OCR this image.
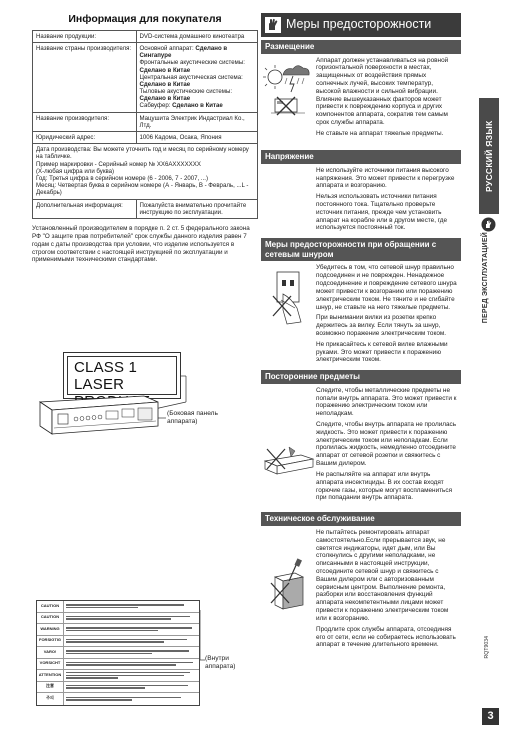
Информация для покупателя
Название продукции:	DVD-система домашнего кинотеатра
Название страны производителя:	Основной аппарат: Сделано в Сингапуре
Фронтальные акустические системы: Сделано в Китае
Центральная акустическая система: Сделано в Китае
Тыловые акустические системы: Сделано в Китае
Сабвуфер: Сделано в Китае
Название производителя:	Мацушита Электрик Индастриал Ко., Лтд.
Юридический адрес:	1006 Кадома, Осака, Япония
Дата производства: Вы можете уточнить год и месяц по серийному номеру на табличке.
Пример маркировки - Серийный номер № XX6AXXXXXXX
(Х-любая цифра или буква)
Год: Третья цифра в серийном номере (6 - 2006, 7 - 2007, ...)
Месяц: Четвертая буква в серийном номере (А - Январь, В - Февраль, ...L - Декабрь)	
Дополнительная информация:	Пожалуйста внимательно прочитайте инструкцию по эксплуатации.
Установленный производителем в порядке п. 2 ст. 5 федерального закона РФ "О защите прав потребителей" срок службы данного изделия равен 7 годам с даты производства при условии, что изделие используется в строгом соответствии с настоящей инструкцией по эксплуатации и применимыми техническими стандартами.
CLASS 1
LASER
(Боковая панель аппарата)
CAUTION
CAUTION
WARNING
FORSIGTIG
VARO!
VORSICHT
ATTENTION
注意
주의
(Внутри аппарата)
Меры предосторожности
Размещение

Аппарат должен устанавливаться на ровной горизонтальной поверхности в местах, защищенных от воздействия прямых солнечных лучей, высоких температур, высокой влажности и сильной вибрации. Влияние вышеуказанных факторов может привести к повреждению корпуса и других компонентов аппарата, сократив тем самым срок службы аппарата.

Не ставьте на аппарат тяжелые предметы.

Напряжение

Не используйте источники питания высокого напряжения. Это может привести к перегрузке аппарата и возгоранию.

Нельзя использовать источники питания постоянного тока. Тщательно проверьте источник питания, прежде чем установить аппарат на корабле или в другом месте, где используется постоянный ток.

Меры предосторожности при обращении с сетевым шнуром

Убедитесь в том, что сетевой шнур правильно подсоединен и не поврежден. Ненадежное подсоединение и повреждение сетевого шнура может привести к возгоранию или поражению электрическим током. Не тяните и не сгибайте шнур, не ставьте на него тяжелые предметы.

При вынимании вилки из розетки крепко держитесь за вилку. Если тянуть за шнур, возможно поражение электрическим током.

Не прикасайтесь к сетевой вилке влажными руками. Это может привести к поражению электрическим током.

Посторонние предметы

Следите, чтобы металлические предметы не попали внутрь аппарата. Это может привести к поражению электрическим током или неполадкам.

Следите, чтобы внутрь аппарата не пролилась жидкость. Это может привести к поражению электрическим током или неполадкам. Если пролилась жидкость, немедленно отсоедините аппарат от сетевой розетки и свяжитесь с Вашим дилером.

Не распыляйте на аппарат или внутрь аппарата инсектициды. В их состав входят горючие газы, которые могут воспламениться при попадании внутрь аппарата.

Техническое обслуживание

Не пытайтесь ремонтировать аппарат самостоятельно.Если прерывается звук, не светятся индикаторы, идет дым, или Вы столкнулись с другими неполадками, не описанными в настоящей инструкции, отсоедините сетевой шнур и свяжитесь с Вашим дилером или с авторизованным сервисным центром. Выполнение ремонта, разборки или восстановления функций аппарата некомпетентными лицами может привести к поражению электрическим током или к возгоранию.

Продлите срок службы аппарата, отсоединяя его от сети, если не собираетесь использовать аппарат в течение длительного времени.

РУССКИЙ ЯЗЫК
ПЕРЕД ЭКСПЛУАТАЦИЕЙ
RQT9034
3
